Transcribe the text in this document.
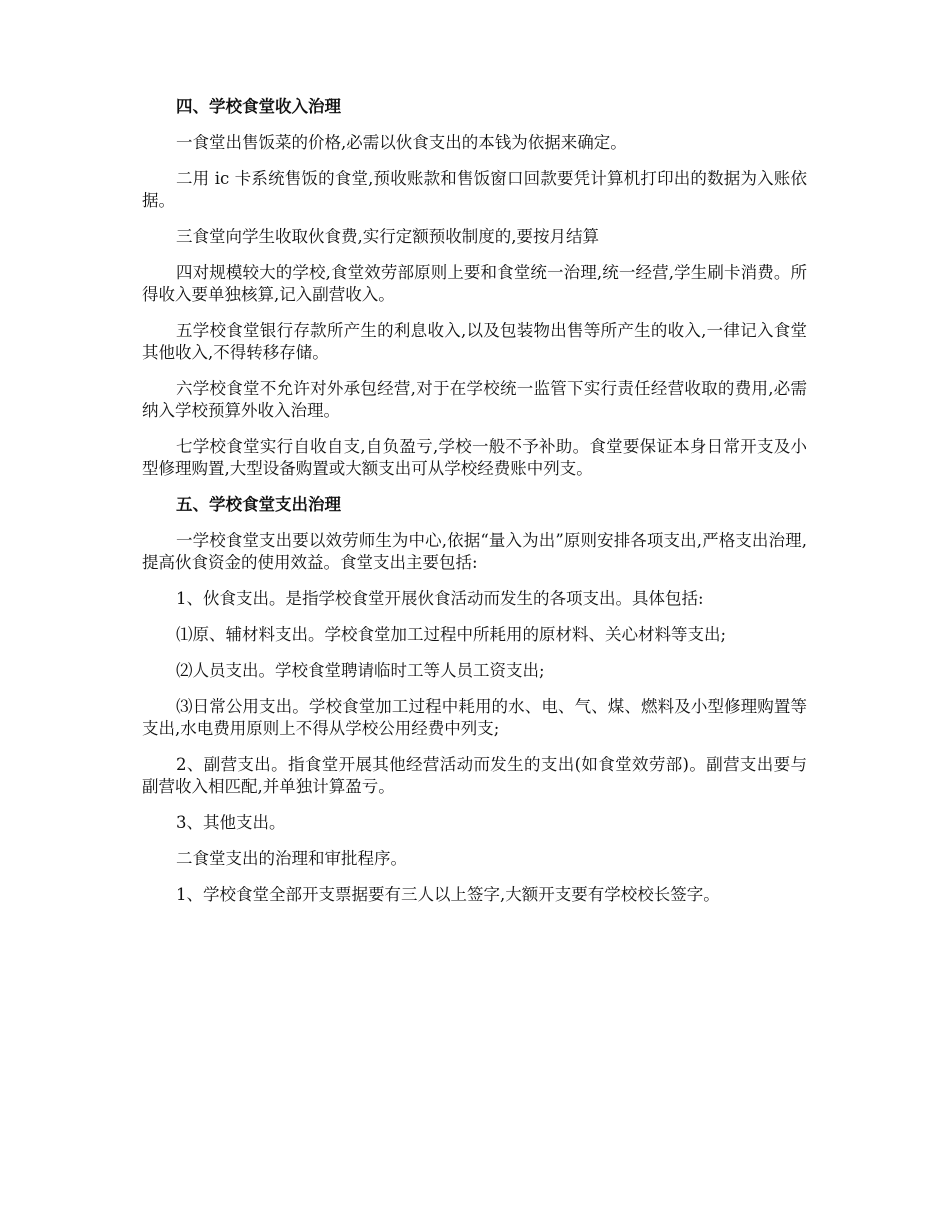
四、学校食堂收入治理

一食堂出售饭菜的价格,必需以伙食支出的本钱为依据来确定。

二用 ic 卡系统售饭的食堂,预收账款和售饭窗口回款要凭计算机打印出的数据为入账依据。

三食堂向学生收取伙食费,实行定额预收制度的,要按月结算

四对规模较大的学校,食堂效劳部原则上要和食堂统一治理,统一经营,学生刷卡消费。所得收入要单独核算,记入副营收入。

五学校食堂银行存款所产生的利息收入,以及包装物出售等所产生的收入,一律记入食堂其他收入,不得转移存储。

六学校食堂不允许对外承包经营,对于在学校统一监管下实行责任经营收取的费用,必需纳入学校预算外收入治理。

七学校食堂实行自收自支,自负盈亏,学校一般不予补助。食堂要保证本身日常开支及小型修理购置,大型设备购置或大额支出可从学校经费账中列支。

五、学校食堂支出治理

一学校食堂支出要以效劳师生为中心,依据“量入为出”原则安排各项支出,严格支出治理,提高伙食资金的使用效益。食堂支出主要包括:

1、伙食支出。是指学校食堂开展伙食活动而发生的各项支出。具体包括:

⑴原、辅材料支出。学校食堂加工过程中所耗用的原材料、关心材料等支出;

⑵人员支出。学校食堂聘请临时工等人员工资支出;

⑶日常公用支出。学校食堂加工过程中耗用的水、电、气、煤、燃料及小型修理购置等支出,水电费用原则上不得从学校公用经费中列支;

2、副营支出。指食堂开展其他经营活动而发生的支出(如食堂效劳部)。副营支出要与副营收入相匹配,并单独计算盈亏。

3、其他支出。

二食堂支出的治理和审批程序。

1、学校食堂全部开支票据要有三人以上签字,大额开支要有学校校长签字。
